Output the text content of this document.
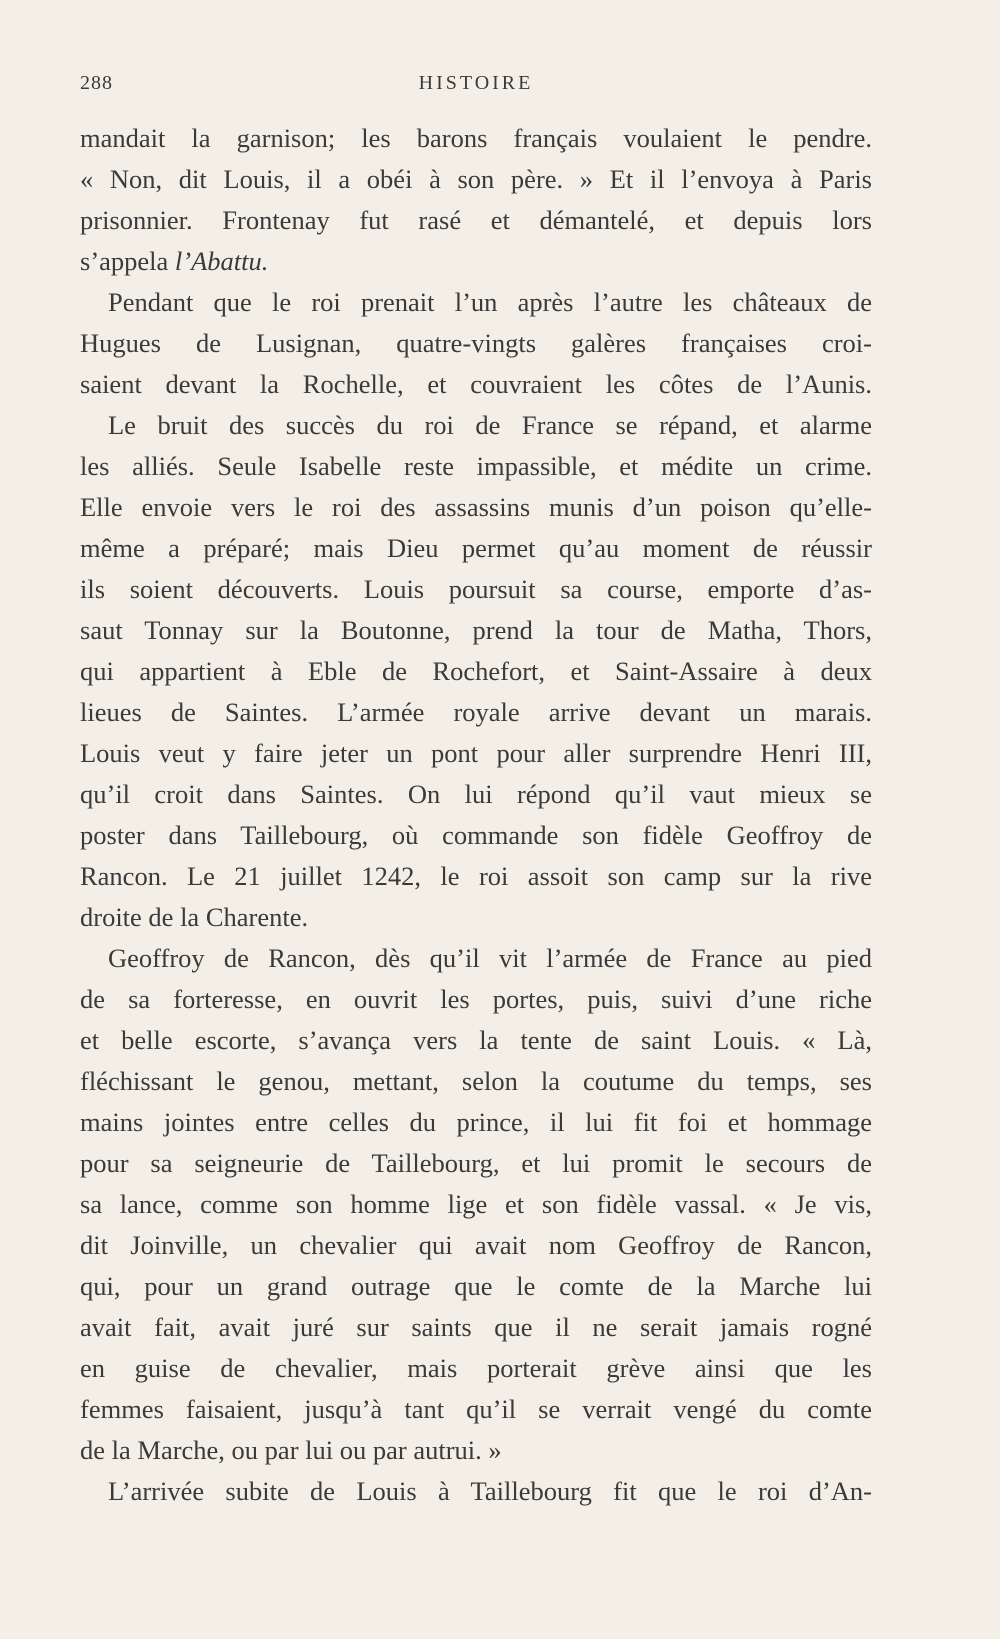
288	HISTOIRE
mandait la garnison; les barons français voulaient le pendre.
« Non, dit Louis, il a obéi à son père. » Et il l’envoya à Paris
prisonnier. Frontenay fut rasé et démantelé, et depuis lors
s’appela l’Abattu.
Pendant que le roi prenait l’un après l’autre les châteaux de
Hugues de Lusignan, quatre-vingts galères françaises croi-
saient devant la Rochelle, et couvraient les côtes de l’Aunis.
Le bruit des succès du roi de France se répand, et alarme
les alliés. Seule Isabelle reste impassible, et médite un crime.
Elle envoie vers le roi des assassins munis d’un poison qu’elle-
même a préparé; mais Dieu permet qu’au moment de réussir
ils soient découverts. Louis poursuit sa course, emporte d’as-
saut Tonnay sur la Boutonne, prend la tour de Matha, Thors,
qui appartient à Eble de Rochefort, et Saint-Assaire à deux
lieues de Saintes. L’armée royale arrive devant un marais.
Louis veut y faire jeter un pont pour aller surprendre Henri III,
qu’il croit dans Saintes. On lui répond qu’il vaut mieux se
poster dans Taillebourg, où commande son fidèle Geoffroy de
Rancon. Le 21 juillet 1242, le roi assoit son camp sur la rive
droite de la Charente.
Geoffroy de Rancon, dès qu’il vit l’armée de France au pied
de sa forteresse, en ouvrit les portes, puis, suivi d’une riche
et belle escorte, s’avança vers la tente de saint Louis. « Là,
fléchissant le genou, mettant, selon la coutume du temps, ses
mains jointes entre celles du prince, il lui fit foi et hommage
pour sa seigneurie de Taillebourg, et lui promit le secours de
sa lance, comme son homme lige et son fidèle vassal. « Je vis,
dit Joinville, un chevalier qui avait nom Geoffroy de Rancon,
qui, pour un grand outrage que le comte de la Marche lui
avait fait, avait juré sur saints que il ne serait jamais rogné
en guise de chevalier, mais porterait grève ainsi que les
femmes faisaient, jusqu’à tant qu’il se verrait vengé du comte
de la Marche, ou par lui ou par autrui. »
L’arrivée subite de Louis à Taillebourg fit que le roi d’An-
